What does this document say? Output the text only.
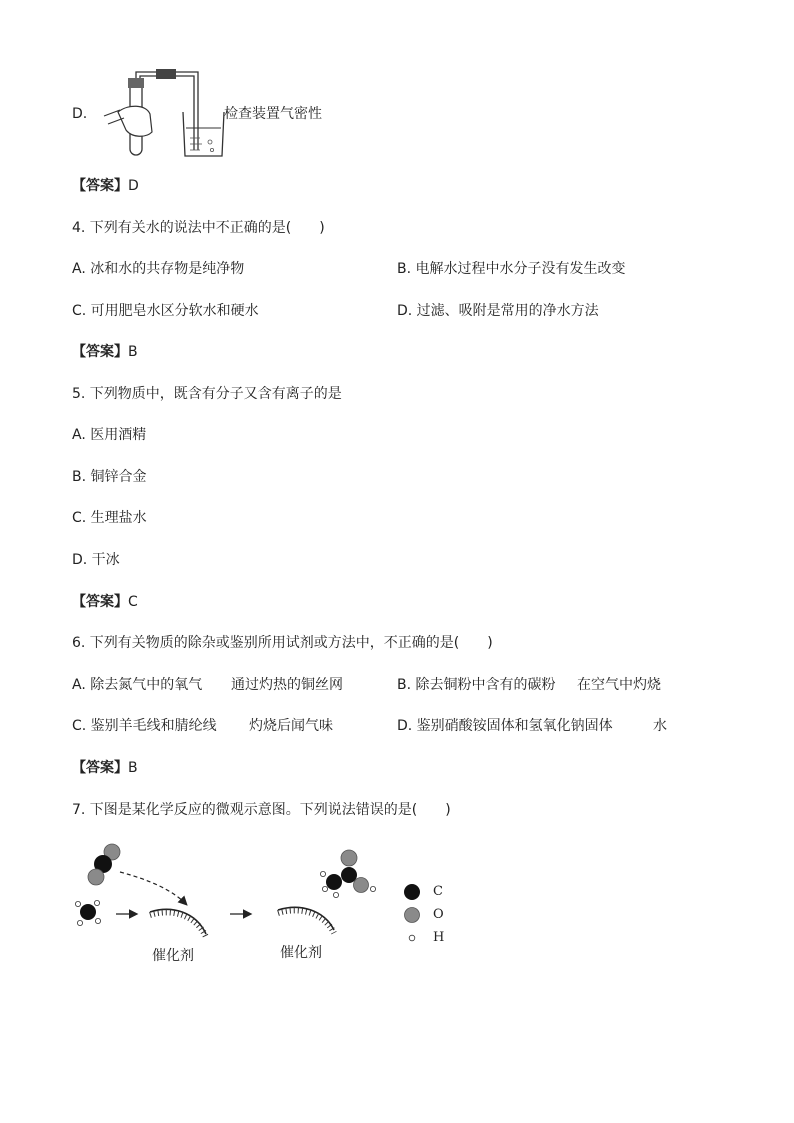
D.	检查装置气密性
【答案】D
4. 下列有关水的说法中不正确的是(　　)
A. 冰和水的共存物是纯净物	B. 电解水过程中水分子没有发生改变
C. 可用肥皂水区分软水和硬水	D. 过滤、吸附是常用的净水方法
【答案】B
5. 下列物质中，既含有分子又含有离子的是
A. 医用酒精
B. 铜锌合金
C. 生理盐水
D. 干冰
【答案】C
6. 下列有关物质的除杂或鉴别所用试剂或方法中，不正确的是(　　)
A. 除去氮气中的氧气 通过灼热的铜丝网	B. 除去铜粉中含有的碳粉 在空气中灼烧
C. 鉴别羊毛线和腈纶线 灼烧后闻气味	D. 鉴别硝酸铵固体和氢氧化钠固体	水
【答案】B
7. 下图是某化学反应的微观示意图。下列说法错误的是(　　)
催化剂	催化剂
C
O
H
